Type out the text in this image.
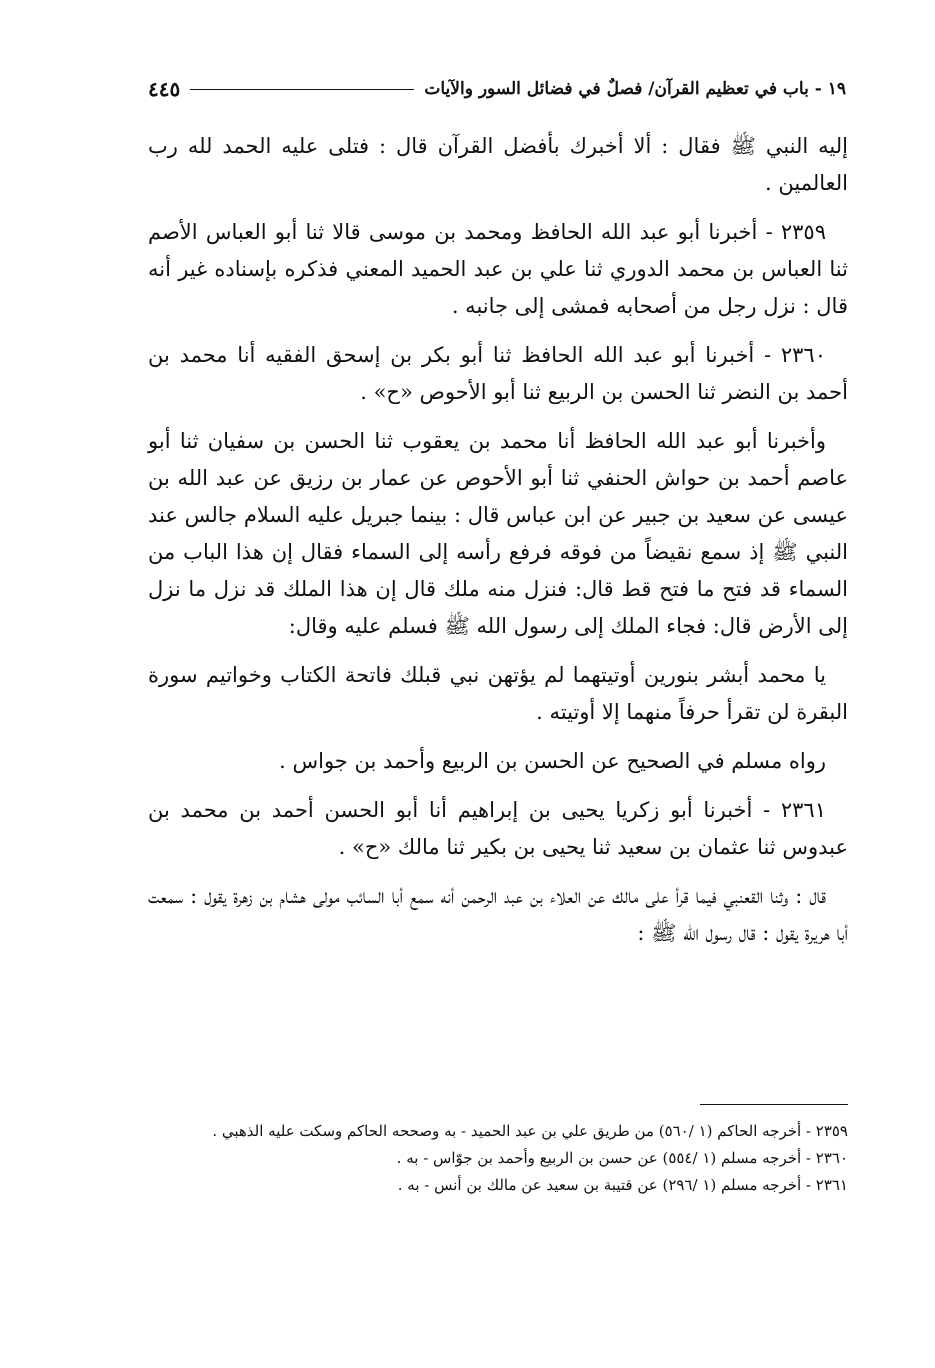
١٩ - باب في تعظيم القرآن/ فصلٌ في فضائل السور والآيات
٤٤٥

إليه النبي ﷺ فقال : ألا أخبرك بأفضل القرآن قال : فتلى عليه الحمد لله رب العالمين .

٢٣٥٩ - أخبرنا أبو عبد الله الحافظ ومحمد بن موسى قالا ثنا أبو العباس الأصم ثنا العباس بن محمد الدوري ثنا علي بن عبد الحميد المعني فذكره بإسناده غير أنه قال : نزل رجل من أصحابه فمشى إلى جانبه .

٢٣٦٠ - أخبرنا أبو عبد الله الحافظ ثنا أبو بكر بن إسحق الفقيه أنا محمد بن أحمد بن النضر ثنا الحسن بن الربيع ثنا أبو الأحوص «ح» .

وأخبرنا أبو عبد الله الحافظ أنا محمد بن يعقوب ثنا الحسن بن سفيان ثنا أبو عاصم أحمد بن حواش الحنفي ثنا أبو الأحوص عن عمار بن رزيق عن عبد الله بن عيسى عن سعيد بن جبير عن ابن عباس قال : بينما جبريل عليه السلام جالس عند النبي ﷺ إذ سمع نقيضاً من فوقه فرفع رأسه إلى السماء فقال إن هذا الباب من السماء قد فتح ما فتح قط قال: فنزل منه ملك قال إن هذا الملك قد نزل ما نزل إلى الأرض قال: فجاء الملك إلى رسول الله ﷺ فسلم عليه وقال:

يا محمد أبشر بنورين أوتيتهما لم يؤتهن نبي قبلك فاتحة الكتاب وخواتيم سورة البقرة لن تقرأ حرفاً منهما إلا أوتيته .

رواه مسلم في الصحيح عن الحسن بن الربيع وأحمد بن جواس .

٢٣٦١ - أخبرنا أبو زكريا يحيى بن إبراهيم أنا أبو الحسن أحمد بن محمد بن عبدوس ثنا عثمان بن سعيد ثنا يحيى بن بكير ثنا مالك «ح» .

قال : وثنا القعنبي فيما قرأ على مالك عن العلاء بن عبد الرحمن أنه سمع أبا السائب مولى هشام بن زهرة يقول : سمعت أبا هريرة يقول : قال رسول الله ﷺ :

٢٣٥٩ - أخرجه الحاكم (١ /٥٦٠) من طريق علي بن عبد الحميد - به وصححه الحاكم وسكت عليه الذهبي .

٢٣٦٠ - أخرجه مسلم (١ /٥٥٤) عن حسن بن الربيع وأحمد بن جوّاس - به .

٢٣٦١ - أخرجه مسلم (١ /٢٩٦) عن قتيبة بن سعيد عن مالك بن أنس - به .
